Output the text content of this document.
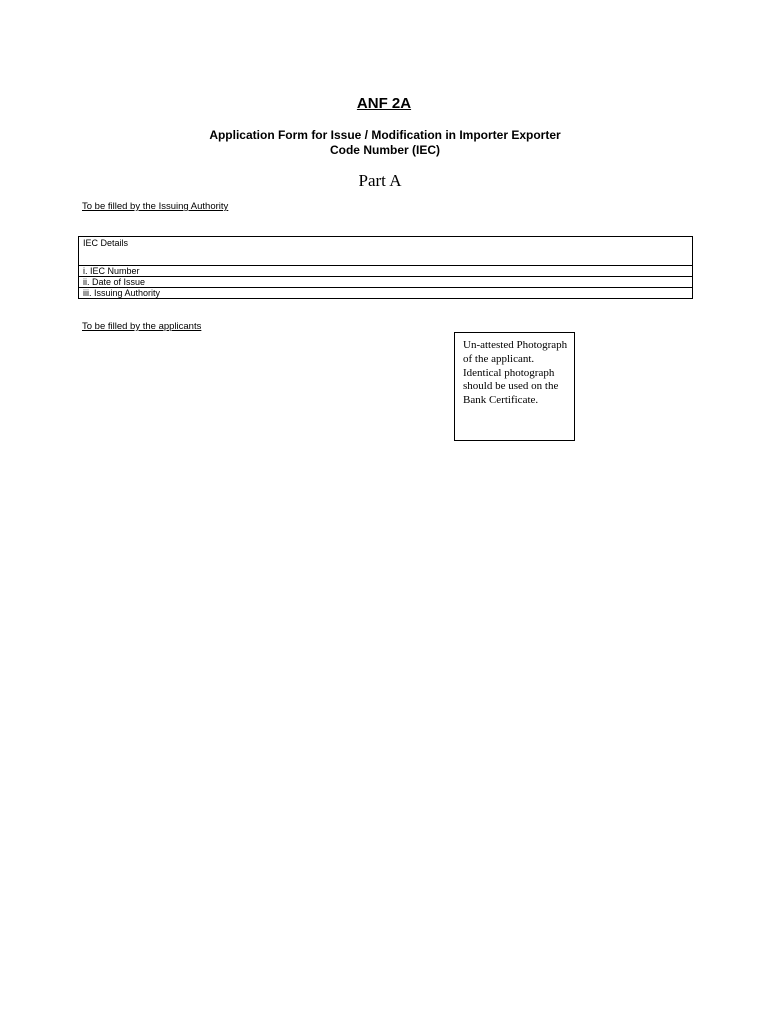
ANF 2A
Application Form for Issue / Modification in Importer Exporter
Code Number (IEC)
Part A
To be filled by the Issuing Authority
IEC Details
i. IEC Number
ii. Date of Issue
iii. Issuing Authority
To be filled by the applicants
Un-attested Photograph of the applicant. Identical photograph should be used on the Bank Certificate.
